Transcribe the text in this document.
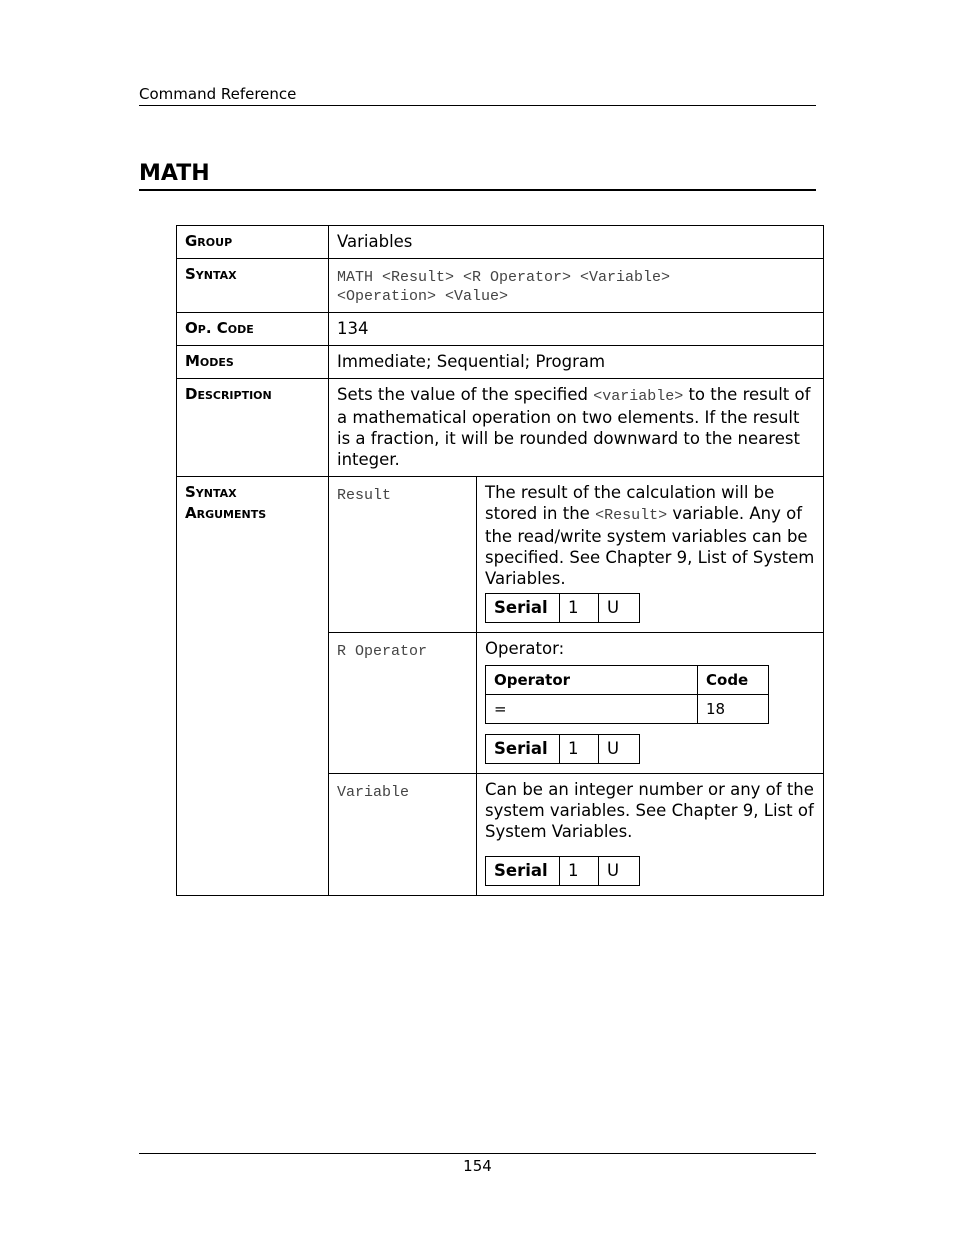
Command Reference
MATH
Group	Variables
Syntax	MATH <Result> <R Operator> <Variable>
<Operation> <Value>

Op. Code	134
Modes	Immediate; Sequential; Program
Description	Sets the value of the specified <variable> to the result of a mathematical operation on two elements. If the result is a fraction, it will be rounded downward to the nearest integer.

Syntax
Arguments
	Result	The result of the calculation will be stored in the <Result> variable. Any of the read/write system variables can be specified. See Chapter 9, List of System Variables.
Serial	1	U

R Operator	Operator:
Operator	Code
=	18
Serial	1	U

Variable	Can be an integer number or any of the system variables. See Chapter 9, List of System Variables.
Serial	1	U
154
